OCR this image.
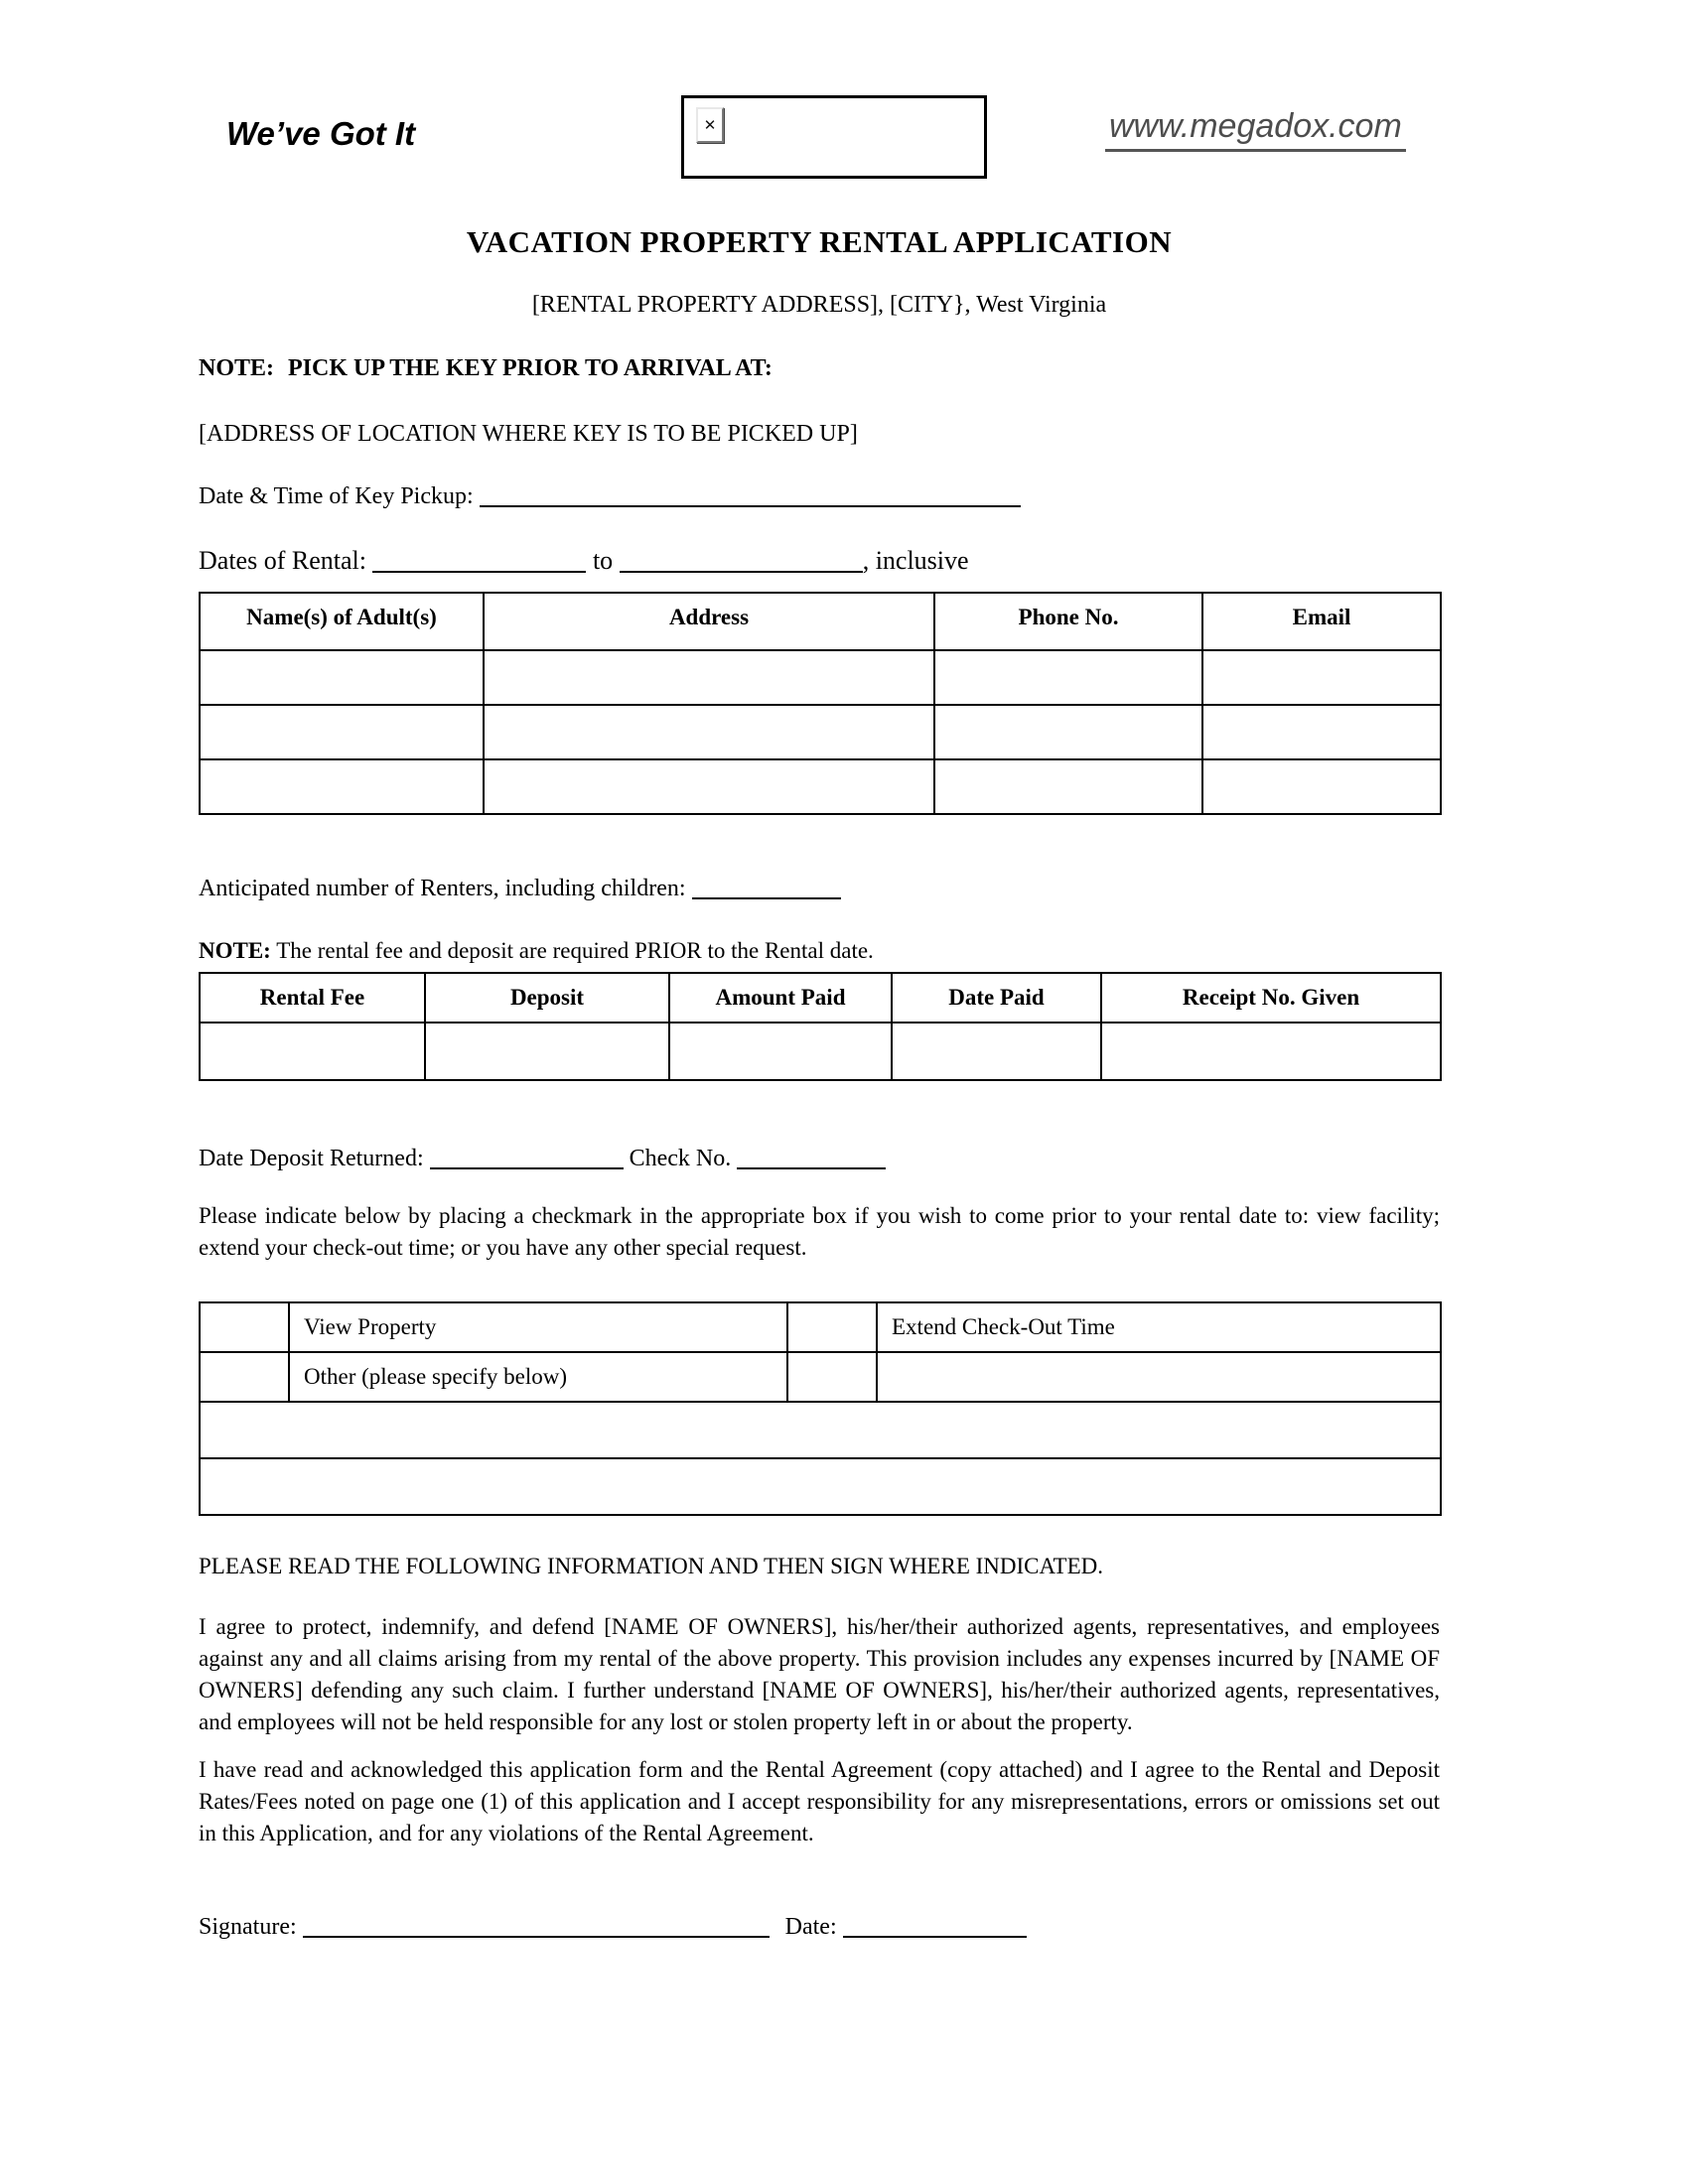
We’ve Got It	✕	www.megadox.com
VACATION PROPERTY RENTAL APPLICATION
[RENTAL PROPERTY ADDRESS], [CITY}, West Virginia
NOTE: PICK UP THE KEY PRIOR TO ARRIVAL AT:
[ADDRESS OF LOCATION WHERE KEY IS TO BE PICKED UP]
Date & Time of Key Pickup:
Dates of Rental:	to	, inclusive
Name(s) of Adult(s)	Address	Phone No.	Email

Anticipated number of Renters, including children:
NOTE: The rental fee and deposit are required PRIOR to the Rental date.
Rental Fee	Deposit	Amount Paid	Date Paid	Receipt No. Given

Date Deposit Returned:	Check No.
Please indicate below by placing a checkmark in the appropriate box if you wish to come prior to your rental date to: view facility; extend your check-out time; or you have any other special request.
	View Property		Extend Check-Out Time
	Other (please specify below)		

PLEASE READ THE FOLLOWING INFORMATION AND THEN SIGN WHERE INDICATED.
I agree to protect, indemnify, and defend [NAME OF OWNERS], his/her/their authorized agents, representatives, and employees against any and all claims arising from my rental of the above property. This provision includes any expenses incurred by [NAME OF OWNERS] defending any such claim. I further understand [NAME OF OWNERS], his/her/their authorized agents, representatives, and employees will not be held responsible for any lost or stolen property left in or about the property.
I have read and acknowledged this application form and the Rental Agreement (copy attached) and I agree to the Rental and Deposit Rates/Fees noted on page one (1) of this application and I accept responsibility for any misrepresentations, errors or omissions set out in this Application, and for any violations of the Rental Agreement.
Signature:	Date:
